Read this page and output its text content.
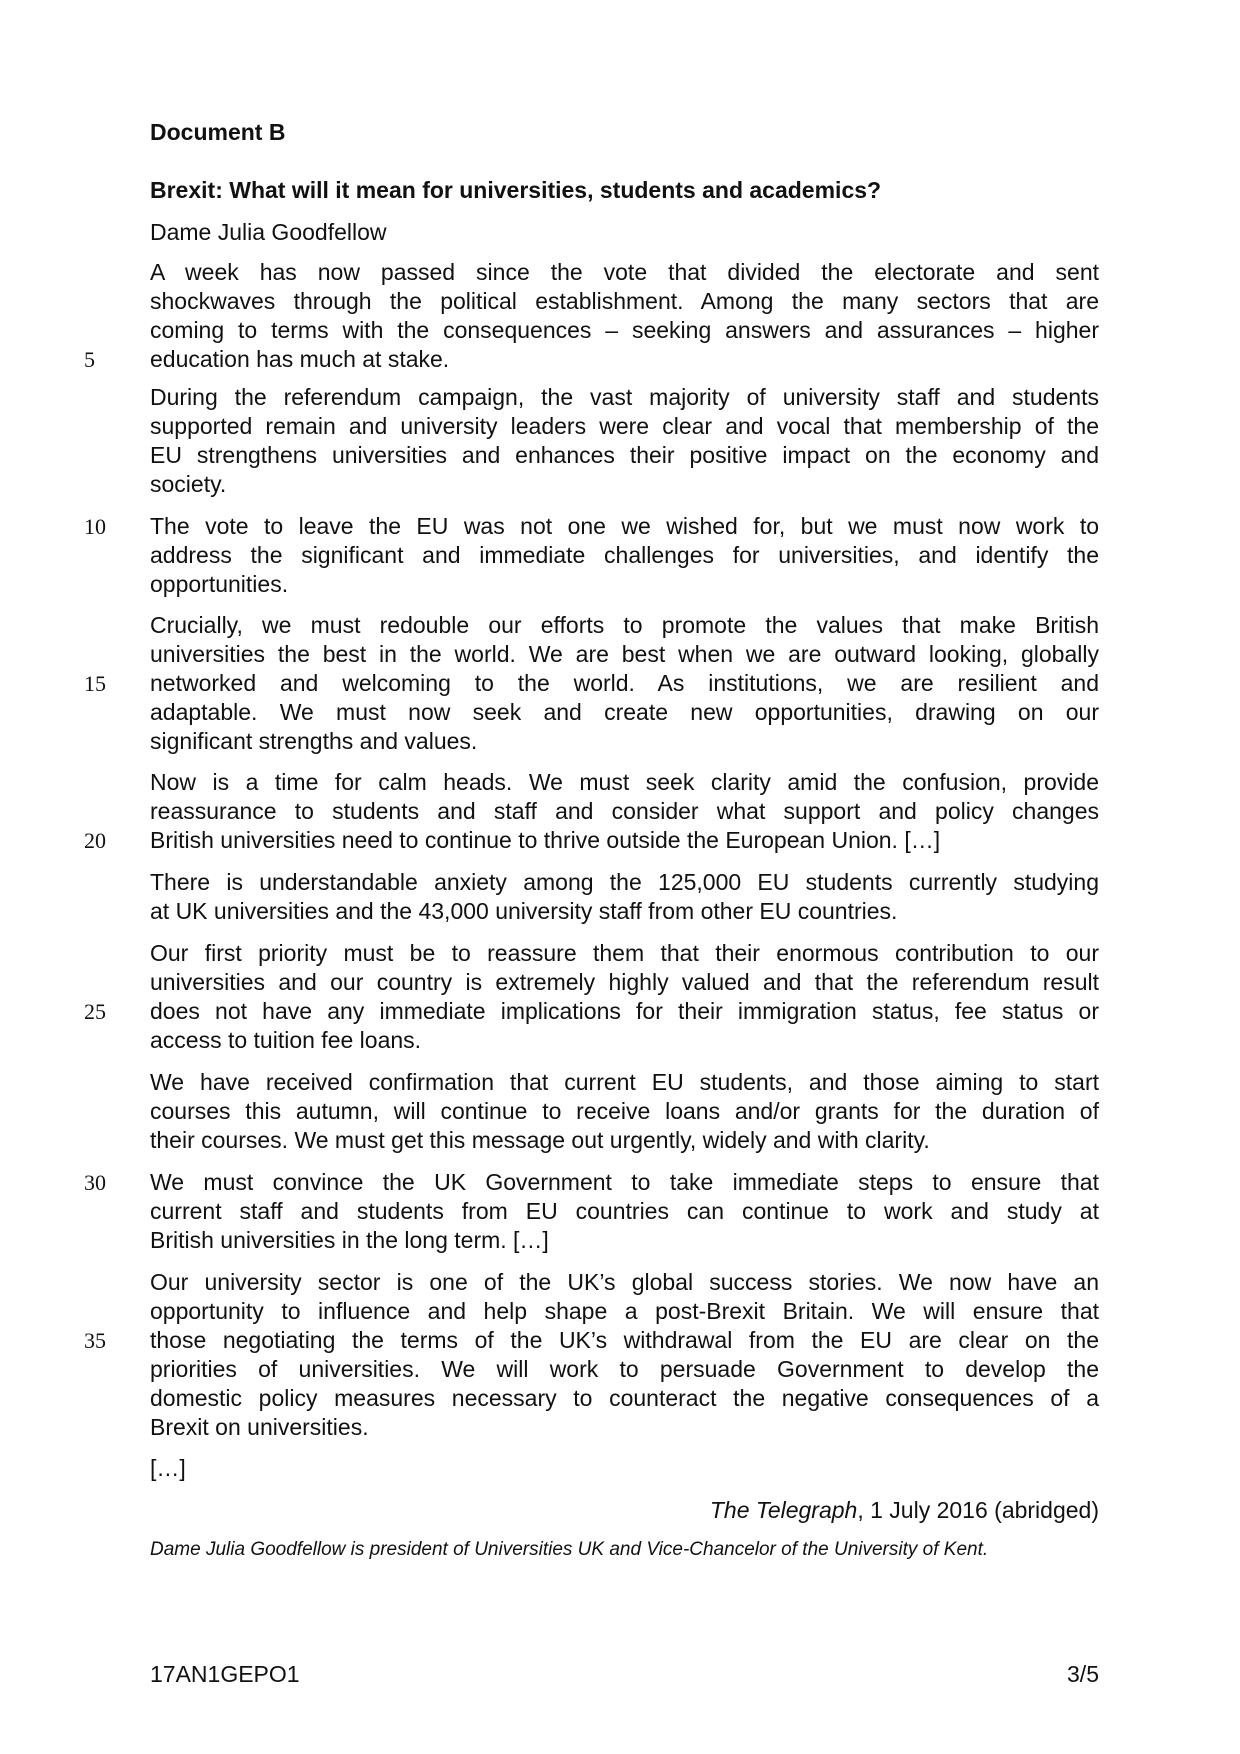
Document B
Brexit: What will it mean for universities, students and academics?
Dame Julia Goodfellow
A week has now passed since the vote that divided the electorate and sent
shockwaves through the political establishment. Among the many sectors that are
coming to terms with the consequences – seeking answers and assurances – higher
education has much at stake.
During the referendum campaign, the vast majority of university staff and students
supported remain and university leaders were clear and vocal that membership of the
EU strengthens universities and enhances their positive impact on the economy and
society.
The vote to leave the EU was not one we wished for, but we must now work to
address the significant and immediate challenges for universities, and identify the
opportunities.
Crucially, we must redouble our efforts to promote the values that make British
universities the best in the world. We are best when we are outward looking, globally
networked and welcoming to the world. As institutions, we are resilient and
adaptable. We must now seek and create new opportunities, drawing on our
significant strengths and values.
Now is a time for calm heads. We must seek clarity amid the confusion, provide
reassurance to students and staff and consider what support and policy changes
British universities need to continue to thrive outside the European Union. […]
There is understandable anxiety among the 125,000 EU students currently studying
at UK universities and the 43,000 university staff from other EU countries.
Our first priority must be to reassure them that their enormous contribution to our
universities and our country is extremely highly valued and that the referendum result
does not have any immediate implications for their immigration status, fee status or
access to tuition fee loans.
We have received confirmation that current EU students, and those aiming to start
courses this autumn, will continue to receive loans and/or grants for the duration of
their courses. We must get this message out urgently, widely and with clarity.
We must convince the UK Government to take immediate steps to ensure that
current staff and students from EU countries can continue to work and study at
British universities in the long term. […]
Our university sector is one of the UK’s global success stories. We now have an
opportunity to influence and help shape a post-Brexit Britain. We will ensure that
those negotiating the terms of the UK’s withdrawal from the EU are clear on the
priorities of universities. We will work to persuade Government to develop the
domestic policy measures necessary to counteract the negative consequences of a
Brexit on universities.
[…]
5
10
15
20
25
30
35
The Telegraph, 1 July 2016 (abridged)
Dame Julia Goodfellow is president of Universities UK and Vice-Chancelor of the University of Kent.
17AN1GEPO1	3/5
